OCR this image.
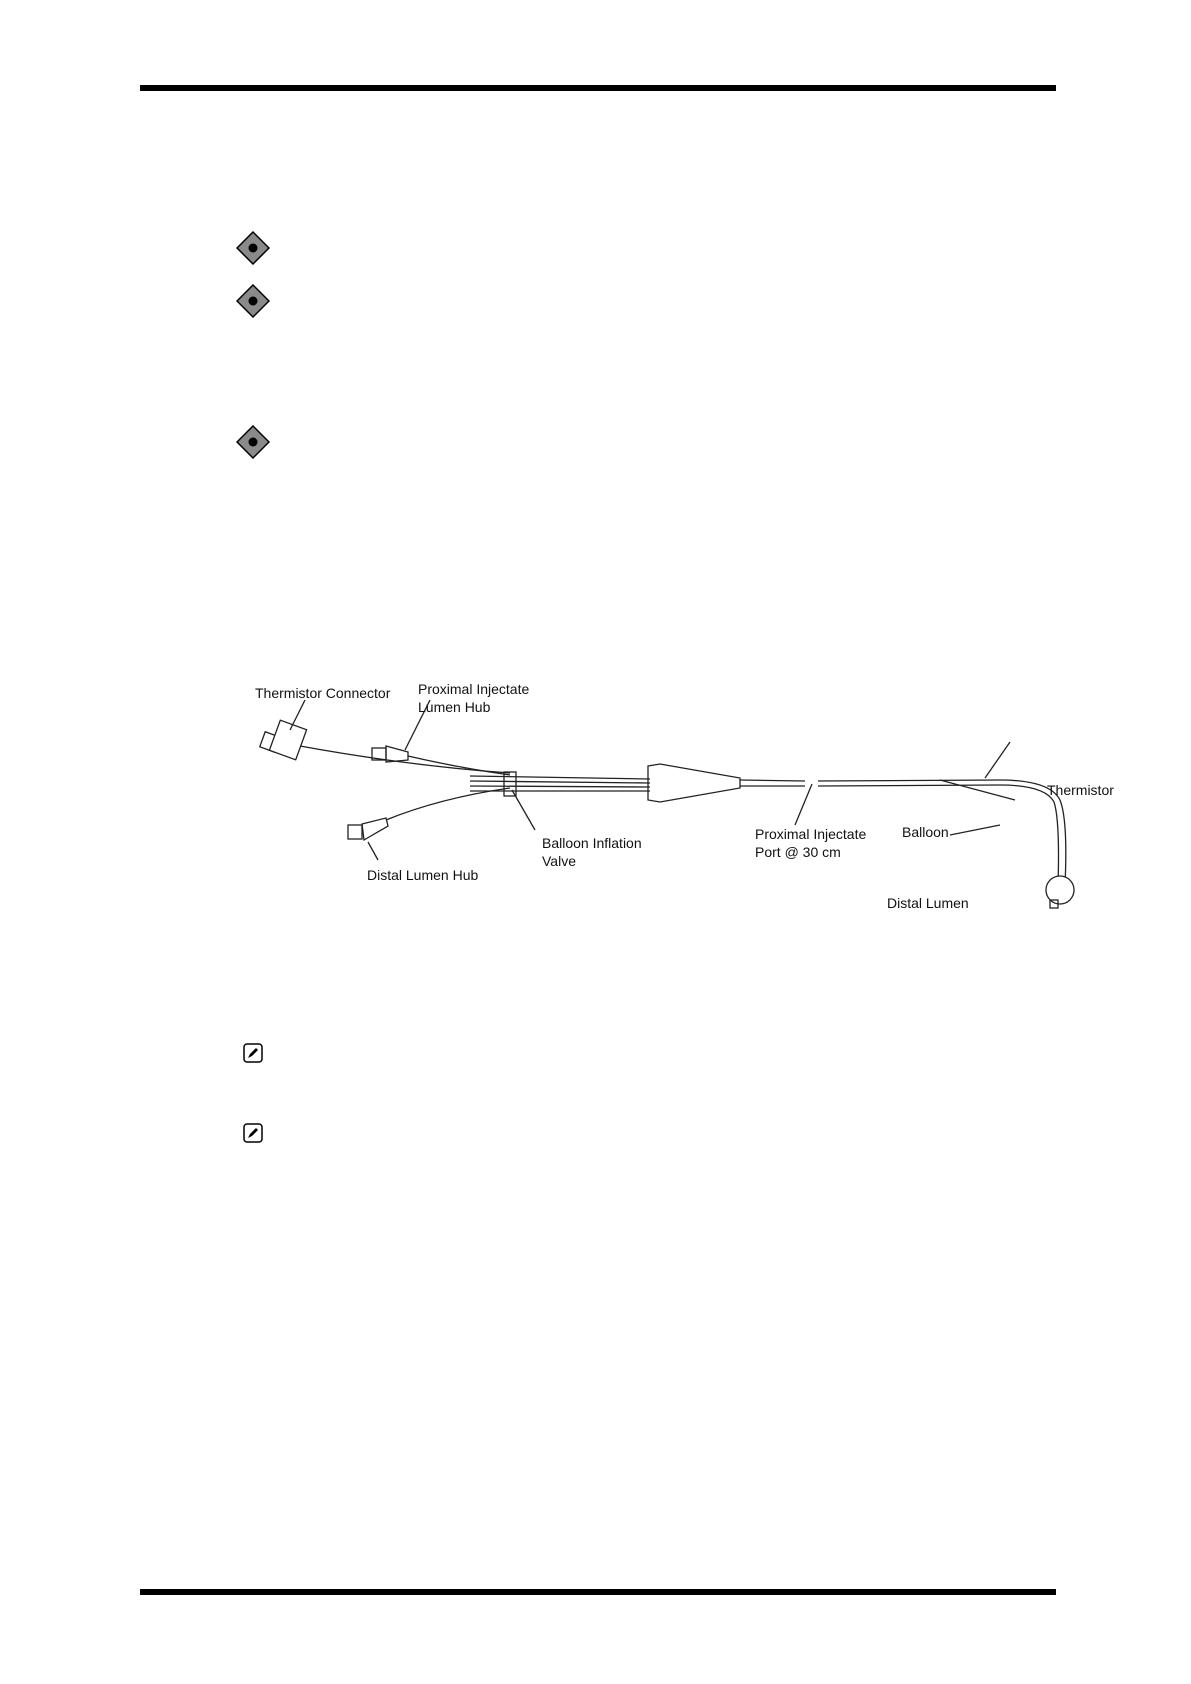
Thermistor Connector Proximal Injectate
Lumen Hub
Balloon Inflation
Valve
Distal Lumen Hub
Proximal Injectate
Port @ 30 cm
Thermistor
Balloon
Distal Lumen
